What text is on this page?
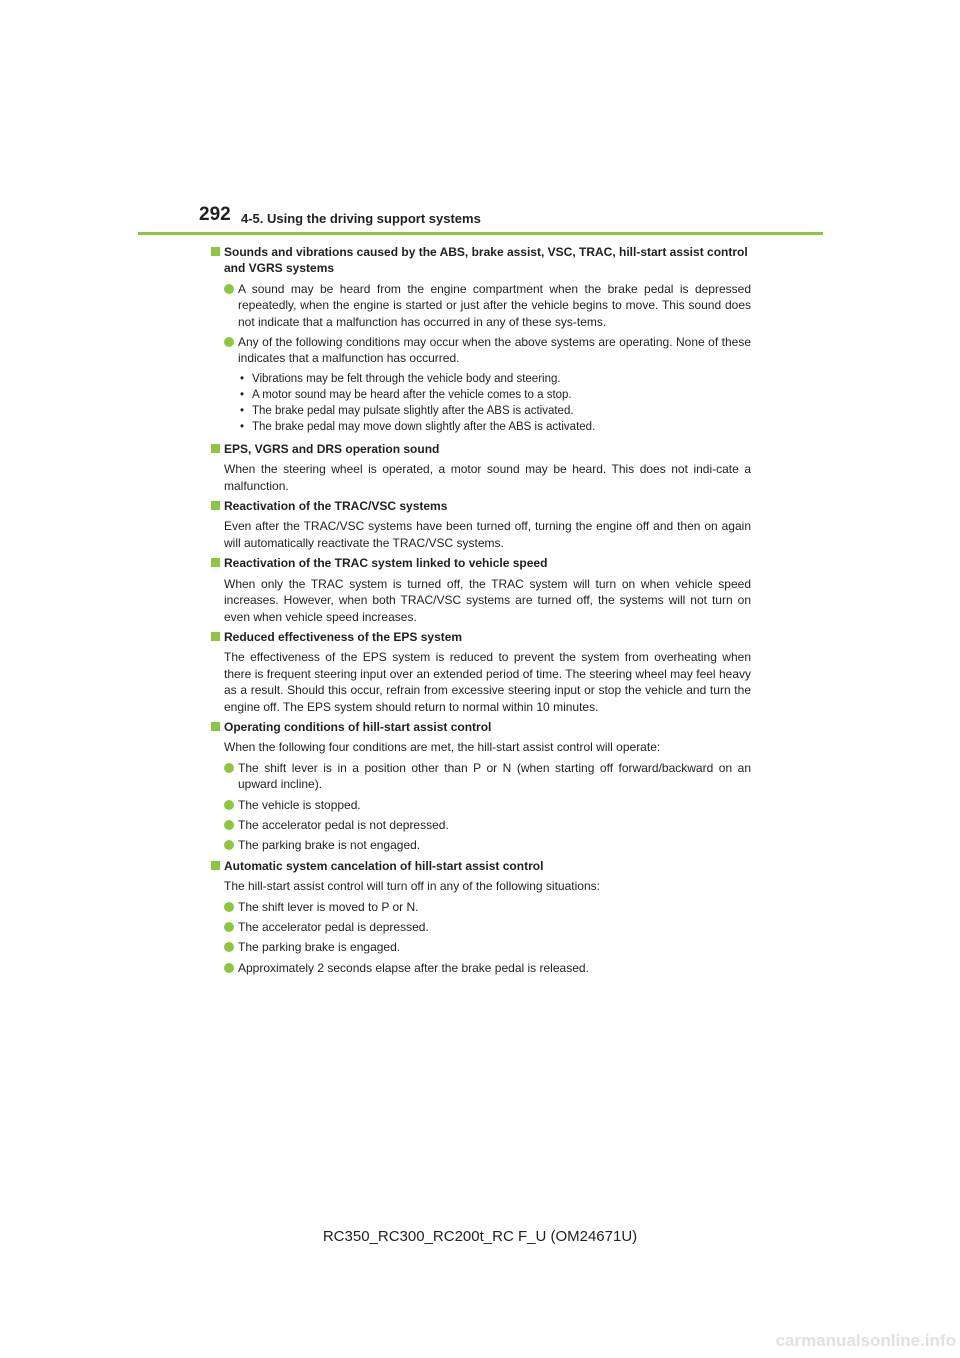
292 4-5. Using the driving support systems
Sounds and vibrations caused by the ABS, brake assist, VSC, TRAC, hill-start assist control and VGRS systems
A sound may be heard from the engine compartment when the brake pedal is depressed repeatedly, when the engine is started or just after the vehicle begins to move. This sound does not indicate that a malfunction has occurred in any of these sys-tems.
Any of the following conditions may occur when the above systems are operating. None of these indicates that a malfunction has occurred.
• Vibrations may be felt through the vehicle body and steering.
• A motor sound may be heard after the vehicle comes to a stop.
• The brake pedal may pulsate slightly after the ABS is activated.
• The brake pedal may move down slightly after the ABS is activated.
EPS, VGRS and DRS operation sound
When the steering wheel is operated, a motor sound may be heard. This does not indi-cate a malfunction.
Reactivation of the TRAC/VSC systems
Even after the TRAC/VSC systems have been turned off, turning the engine off and then on again will automatically reactivate the TRAC/VSC systems.
Reactivation of the TRAC system linked to vehicle speed
When only the TRAC system is turned off, the TRAC system will turn on when vehicle speed increases. However, when both TRAC/VSC systems are turned off, the systems will not turn on even when vehicle speed increases.
Reduced effectiveness of the EPS system
The effectiveness of the EPS system is reduced to prevent the system from overheating when there is frequent steering input over an extended period of time. The steering wheel may feel heavy as a result. Should this occur, refrain from excessive steering input or stop the vehicle and turn the engine off. The EPS system should return to normal within 10 minutes.
Operating conditions of hill-start assist control
When the following four conditions are met, the hill-start assist control will operate:
The shift lever is in a position other than P or N (when starting off forward/backward on an upward incline).
The vehicle is stopped.
The accelerator pedal is not depressed.
The parking brake is not engaged.
Automatic system cancelation of hill-start assist control
The hill-start assist control will turn off in any of the following situations:
The shift lever is moved to P or N.
The accelerator pedal is depressed.
The parking brake is engaged.
Approximately 2 seconds elapse after the brake pedal is released.
RC350_RC300_RC200t_RC F_U (OM24671U)
carmanualsonline.info
